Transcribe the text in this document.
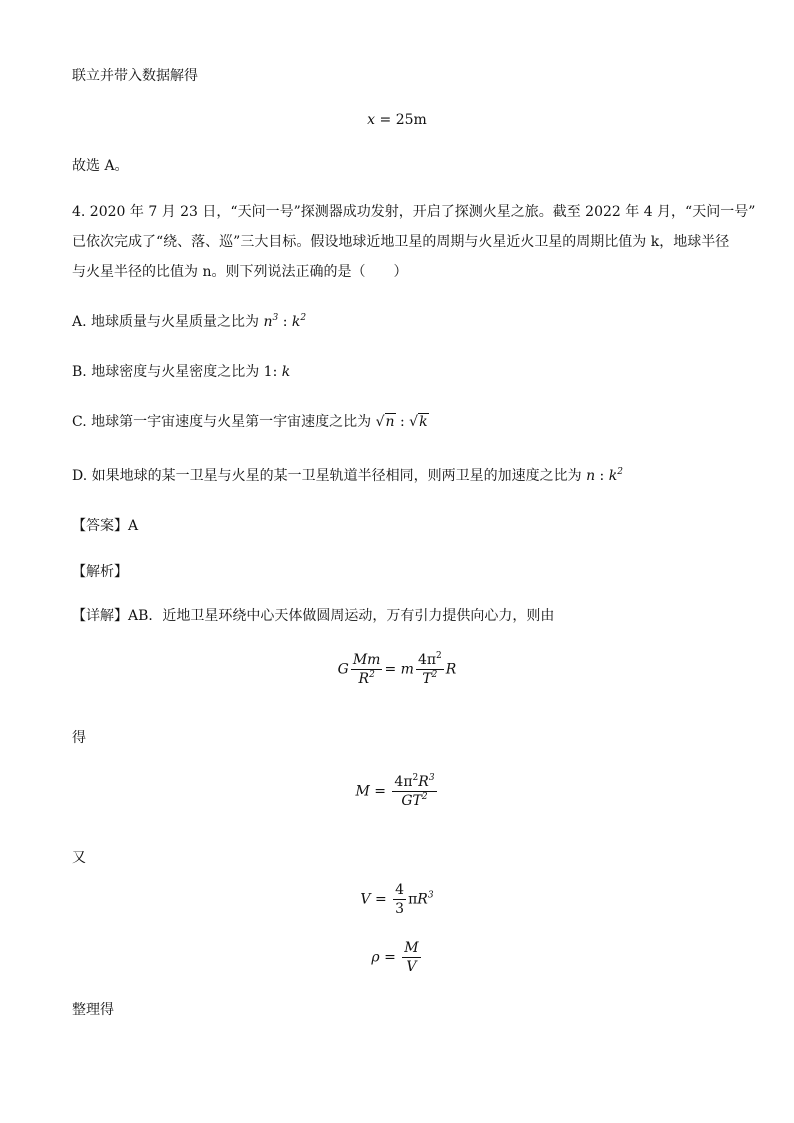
联立并带入数据解得
x = 25m
故选 A。
4. 2020 年 7 月 23 日，“天问一号”探测器成功发射，开启了探测火星之旅。截至 2022 年 4 月，“天问一号”
已依次完成了“绕、落、巡”三大目标。假设地球近地卫星的周期与火星近火卫星的周期比值为 k，地球半径
与火星半径的比值为 n。则下列说法正确的是（　　）
A. 地球质量与火星质量之比为 $n^3$ : $k^2$
B. 地球密度与火星密度之比为 1: k
C. 地球第一宇宙速度与火星第一宇宙速度之比为 √n : √k
D. 如果地球的某一卫星与火星的某一卫星轨道半径相同，则两卫星的加速度之比为 n : $k^2$
【答案】A
【解析】
【详解】AB．近地卫星环绕中心天体做圆周运动，万有引力提供向心力，则由
G $\frac{Mm}{R^2} = m \frac{4\pi^2}{T^2}$ R
得
$M = \frac{4\pi^2R^3}{GT^2}$
又
$V = \frac{4}{3} \pi R^3$
$\rho = \frac{M}{V}$
整理得
